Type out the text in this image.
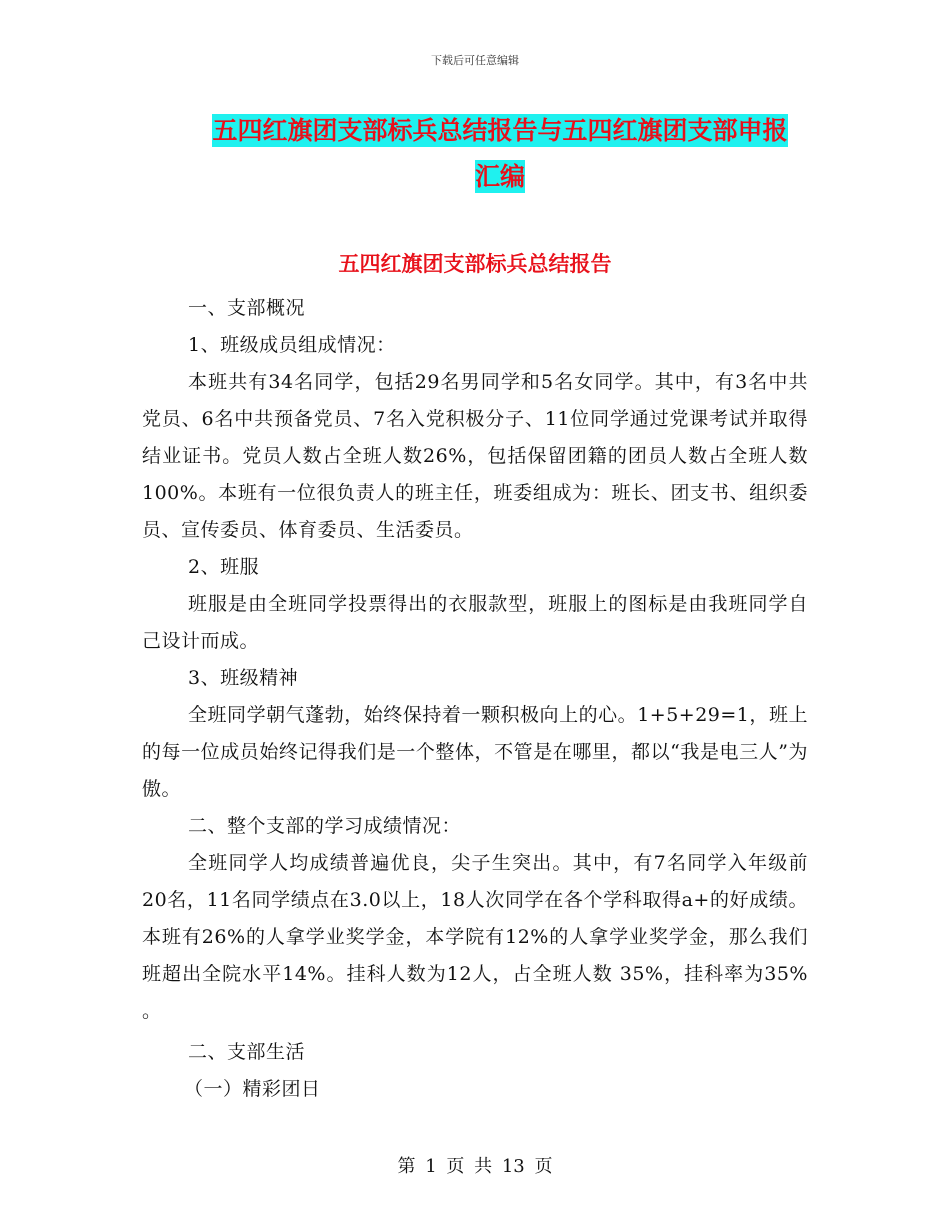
下载后可任意编辑
五四红旗团支部标兵总结报告与五四红旗团支部申报
汇编
五四红旗团支部标兵总结报告

一、支部概况

1、班级成员组成情况：

本班共有34名同学，包括29名男同学和5名女同学。其中，有3名中共党员、6名中共预备党员、7名入党积极分子、11位同学通过党课考试并取得结业证书。党员人数占全班人数26%，包括保留团籍的团员人数占全班人数100%。本班有一位很负责人的班主任，班委组成为：班长、团支书、组织委员、宣传委员、体育委员、生活委员。

2、班服

班服是由全班同学投票得出的衣服款型，班服上的图标是由我班同学自己设计而成。

3、班级精神

全班同学朝气蓬勃，始终保持着一颗积极向上的心。1+5+29=1，班上的每一位成员始终记得我们是一个整体，不管是在哪里，都以“我是电三人”为傲。

二、整个支部的学习成绩情况：

全班同学人均成绩普遍优良，尖子生突出。其中，有7名同学入年级前20名，11名同学绩点在3.0以上，18人次同学在各个学科取得a+的好成绩。本班有26%的人拿学业奖学金，本学院有12%的人拿学业奖学金，那么我们班超出全院水平14%。挂科人数为12人，占全班人数 35%，挂科率为35% 。

二、支部生活

（一）精彩团日

第 1 页 共 13 页
